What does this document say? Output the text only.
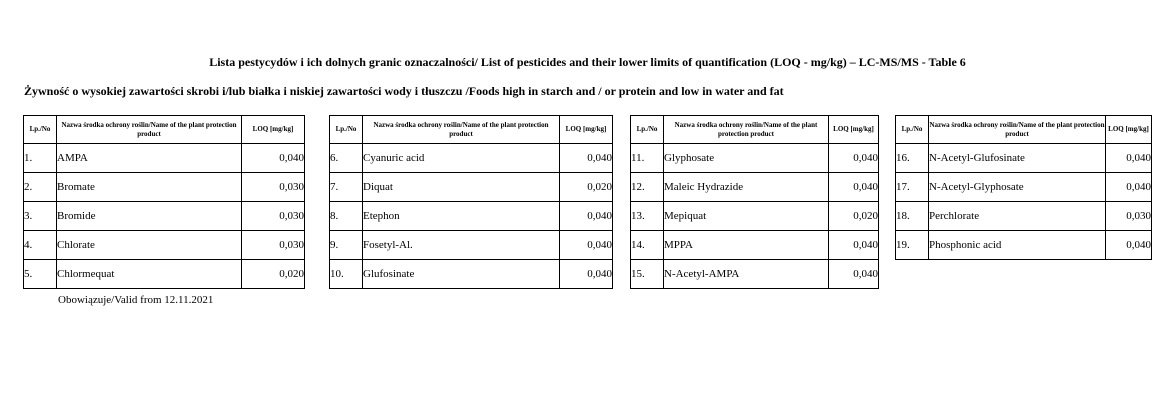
Lista pestycydów i ich dolnych granic oznaczalności/ List of pesticides and their lower limits of quantification (LOQ - mg/kg) – LC-MS/MS - Table 6
Żywność o wysokiej zawartości skrobi i/lub białka i niskiej zawartości wody i tłuszczu /Foods high in starch and / or protein and low in water and fat
Lp./No	Nazwa środka ochrony roślin/Name of the plant protection product	LOQ [mg/kg]
1.	AMPA	0,040
2.	Bromate	0,030
3.	Bromide	0,030
4.	Chlorate	0,030
5.	Chlormequat	0,020
Lp./No	Nazwa środka ochrony roślin/Name of the plant protection product	LOQ [mg/kg]
6.	Cyanuric acid	0,040
7.	Diquat	0,020
8.	Etephon	0,040
9.	Fosetyl-Al.	0,040
10.	Glufosinate	0,040
Lp./No	Nazwa środka ochrony roślin/Name of the plant protection product	LOQ [mg/kg]
11.	Glyphosate	0,040
12.	Maleic Hydrazide	0,040
13.	Mepiquat	0,020
14.	MPPA	0,040
15.	N-Acetyl-AMPA	0,040
Lp./No	Nazwa środka ochrony roślin/Name of the plant protection product	LOQ [mg/kg]
16.	N-Acetyl-Glufosinate	0,040
17.	N-Acetyl-Glyphosate	0,040
18.	Perchlorate	0,030
19.	Phosphonic acid	0,040
Obowiązuje/Valid from 12.11.2021
